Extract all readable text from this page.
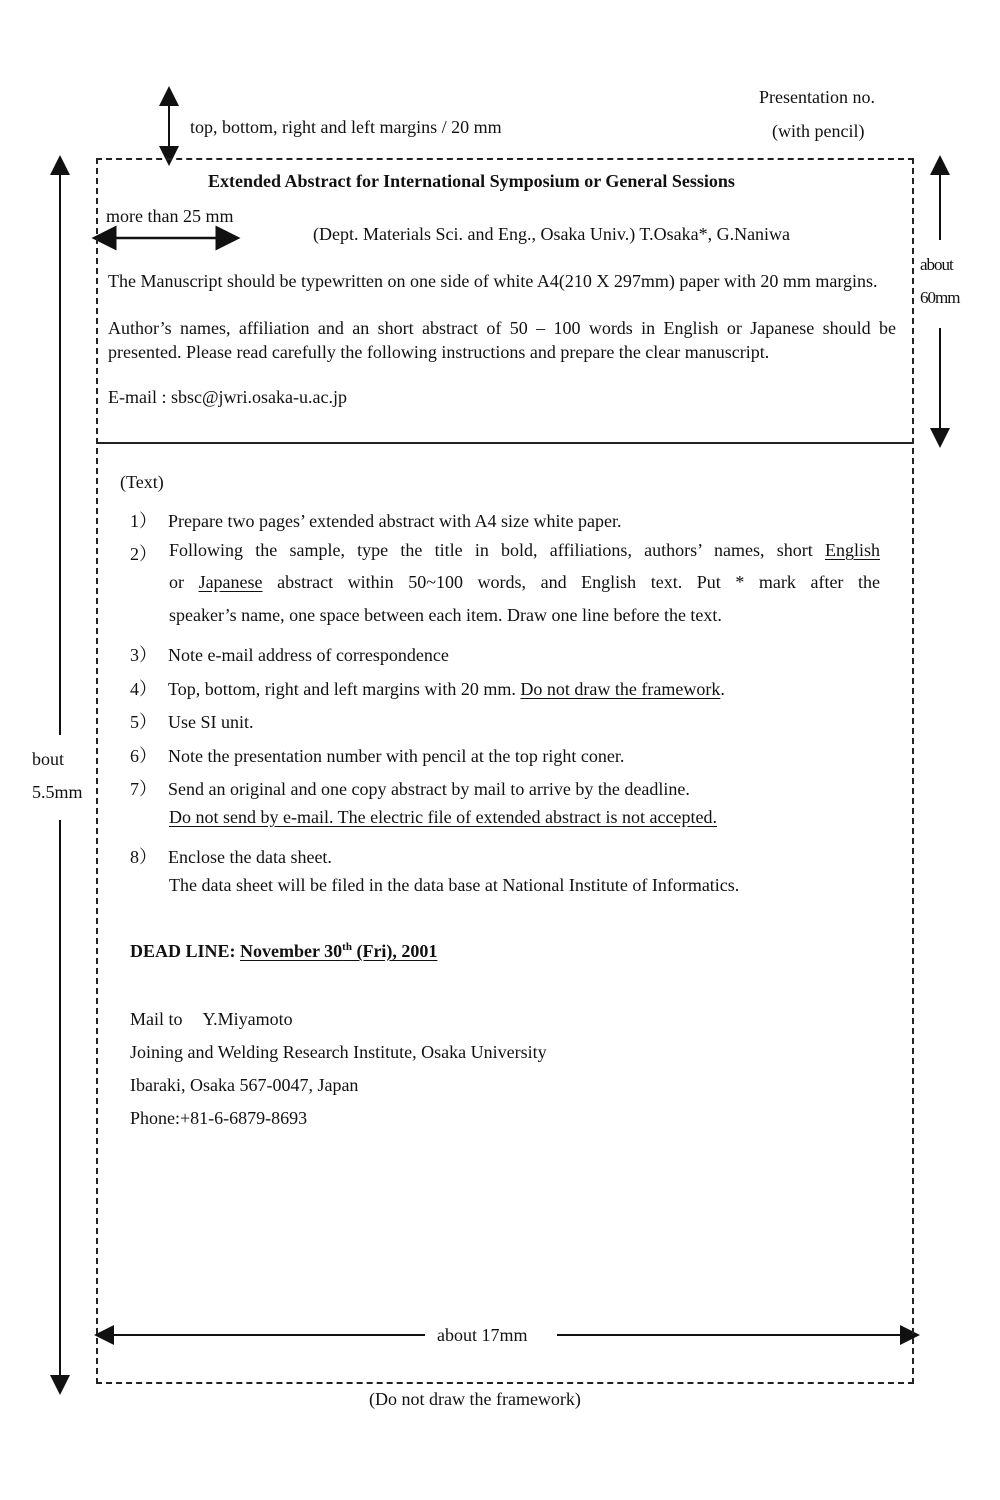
top, bottom, right and left margins / 20 mm
Presentation no.
(with pencil)
more than 25 mm
about
60mm
bout
5.5mm
about 17mm
(Do not draw the framework)
Extended Abstract for International Symposium or General Sessions
(Dept. Materials Sci. and Eng., Osaka Univ.) T.Osaka*, G.Naniwa
The Manuscript should be typewritten on one side of white A4(210 X 297mm) paper with 20 mm margins.
Author’s names, affiliation and an short abstract of 50 – 100 words in English or Japanese should be presented. Please read carefully the following instructions and prepare the clear manuscript.
E-mail : sbsc@jwri.osaka-u.ac.jp
(Text)
1） Prepare two pages’ extended abstract with A4 size white paper.
2） Following the sample, type the title in bold, affiliations, authors’ names, short English
or Japanese abstract within 50~100 words, and English text. Put * mark after the
speaker’s name, one space between each item. Draw one line before the text.
3） Note e-mail address of correspondence
4） Top, bottom, right and left margins with 20 mm. Do not draw the framework.
5） Use SI unit.
6） Note the presentation number with pencil at the top right coner.
7） Send an original and one copy abstract by mail to arrive by the deadline.
Do not send by e-mail. The electric file of extended abstract is not accepted.
8） Enclose the data sheet.
The data sheet will be filed in the data base at National Institute of Informatics.
DEAD LINE: November 30th (Fri), 2001
Mail to Y.Miyamoto
Joining and Welding Research Institute, Osaka University
Ibaraki, Osaka 567-0047, Japan
Phone:+81-6-6879-8693
